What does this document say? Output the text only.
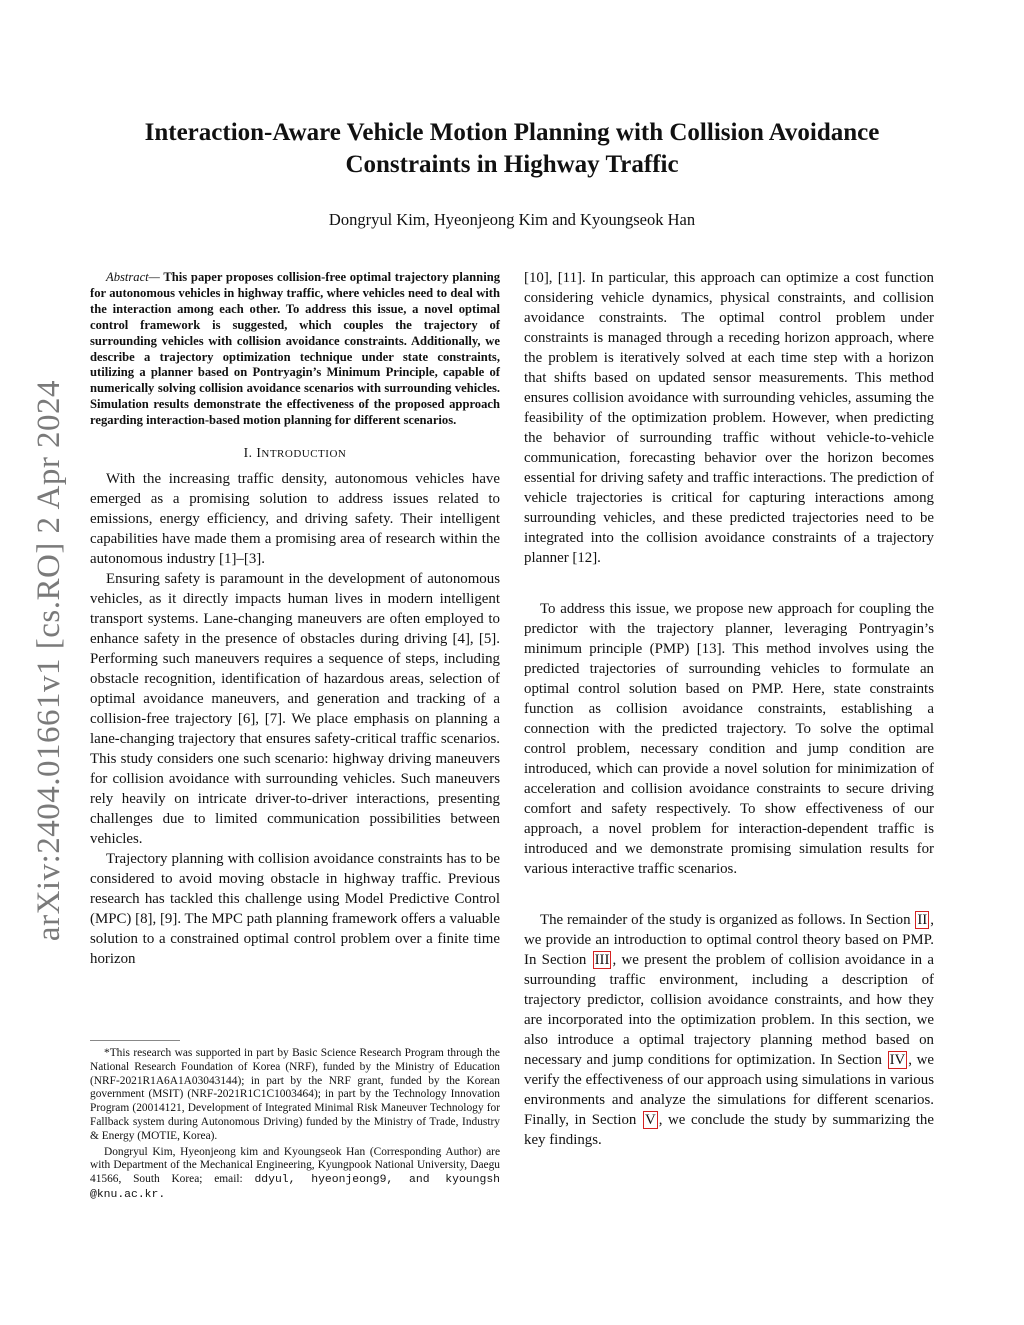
arXiv:2404.01661v1 [cs.RO] 2 Apr 2024
Interaction-Aware Vehicle Motion Planning with Collision Avoidance
Constraints in Highway Traffic

Dongryul Kim, Hyeonjeong Kim and Kyoungseok Han

Abstract— This paper proposes collision-free optimal trajectory planning for autonomous vehicles in highway traffic, where vehicles need to deal with the interaction among each other. To address this issue, a novel optimal control framework is suggested, which couples the trajectory of surrounding vehicles with collision avoidance constraints. Additionally, we describe a trajectory optimization technique under state constraints, utilizing a planner based on Pontryagin’s Minimum Principle, capable of numerically solving collision avoidance scenarios with surrounding vehicles. Simulation results demonstrate the effectiveness of the proposed approach regarding interaction-based motion planning for different scenarios.

I. INTRODUCTION

With the increasing traffic density, autonomous vehicles have emerged as a promising solution to address issues related to emissions, energy efficiency, and driving safety. Their intelligent capabilities have made them a promising area of research within the autonomous industry [1]–[3].

Ensuring safety is paramount in the development of autonomous vehicles, as it directly impacts human lives in modern intelligent transport systems. Lane-changing maneuvers are often employed to enhance safety in the presence of obstacles during driving [4], [5]. Performing such maneuvers requires a sequence of steps, including obstacle recognition, identification of hazardous areas, selection of optimal avoidance maneuvers, and generation and tracking of a collision-free trajectory [6], [7]. We place emphasis on planning a lane-changing trajectory that ensures safety-critical traffic scenarios. This study considers one such scenario: highway driving maneuvers for collision avoidance with surrounding vehicles. Such maneuvers rely heavily on intricate driver-to-driver interactions, presenting challenges due to limited communication possibilities between vehicles.

Trajectory planning with collision avoidance constraints has to be considered to avoid moving obstacle in highway traffic. Previous research has tackled this challenge using Model Predictive Control (MPC) [8], [9]. The MPC path planning framework offers a valuable solution to a constrained optimal control problem over a finite time horizon

*This research was supported in part by Basic Science Research Program through the National Research Foundation of Korea (NRF), funded by the Ministry of Education (NRF-2021R1A6A1A03043144); in part by the NRF grant, funded by the Korean government (MSIT) (NRF-2021R1C1C1003464); in part by the Technology Innovation Program (20014121, Development of Integrated Minimal Risk Maneuver Technology for Fallback system during Autonomous Driving) funded by the Ministry of Trade, Industry & Energy (MOTIE, Korea).

Dongryul Kim, Hyeonjeong kim and Kyoungseok Han (Corresponding Author) are with Department of the Mechanical Engineering, Kyungpook National University, Daegu 41566, South Korea; email: ddyul, hyeonjeong9, and kyoungsh @knu.ac.kr.

[10], [11]. In particular, this approach can optimize a cost function considering vehicle dynamics, physical constraints, and collision avoidance constraints. The optimal control problem under constraints is managed through a receding horizon approach, where the problem is iteratively solved at each time step with a horizon that shifts based on updated sensor measurements. This method ensures collision avoidance with surrounding vehicles, assuming the feasibility of the optimization problem. However, when predicting the behavior of surrounding traffic without vehicle-to-vehicle communication, forecasting behavior over the horizon becomes essential for driving safety and traffic interactions. The prediction of vehicle trajectories is critical for capturing interactions among surrounding vehicles, and these predicted trajectories need to be integrated into the collision avoidance constraints of a trajectory planner [12].

To address this issue, we propose new approach for coupling the predictor with the trajectory planner, leveraging Pontryagin’s minimum principle (PMP) [13]. This method involves using the predicted trajectories of surrounding vehicles to formulate an optimal control solution based on PMP. Here, state constraints function as collision avoidance constraints, establishing a connection with the predicted trajectory. To solve the optimal control problem, necessary condition and jump condition are introduced, which can provide a novel solution for minimization of acceleration and collision avoidance constraints to secure driving comfort and safety respectively. To show effectiveness of our approach, a novel problem for interaction-dependent traffic is introduced and we demonstrate promising simulation results for various interactive traffic scenarios.

The remainder of the study is organized as follows. In Section II , we provide an introduction to optimal control theory based on PMP. In Section III , we present the problem of collision avoidance in a surrounding traffic environment, including a description of trajectory predictor, collision avoidance constraints, and how they are incorporated into the optimization problem. In this section, we also introduce a optimal trajectory planning method based on necessary and jump conditions for optimization. In Section IV , we verify the effectiveness of our approach using simulations in various environments and analyze the simulations for different scenarios. Finally, in Section V , we conclude the study by summarizing the key findings.
